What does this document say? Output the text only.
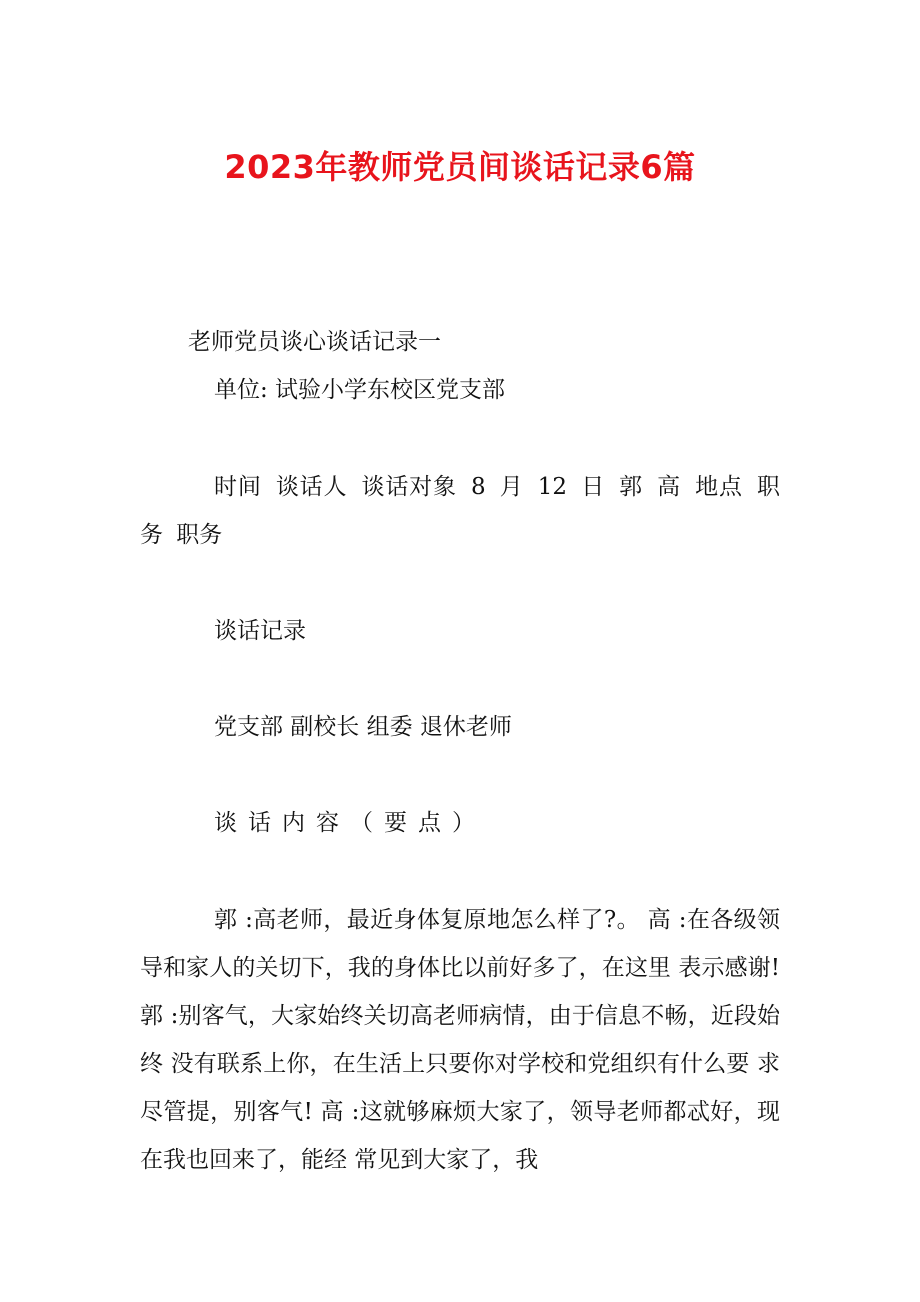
2023年教师党员间谈话记录6篇

老师党员谈心谈话记录一

单位: 试验小学东校区党支部

时间 谈话人 谈话对象 8 月 12 日 郭 高 地点 职务 职务

谈话记录

党支部 副校长 组委 退休老师

谈话内容（要点）

郭 :高老师，最近身体复原地怎么样了?。 高 :在各级领导和家人的关切下，我的身体比以前好多了，在这里 表示感谢! 郭 :别客气，大家始终关切高老师病情，由于信息不畅，近段始终 没有联系上你，在生活上只要你对学校和党组织有什么要 求尽管提，别客气! 高 :这就够麻烦大家了，领导老师都忒好，现在我也回来了，能经 常见到大家了，我
